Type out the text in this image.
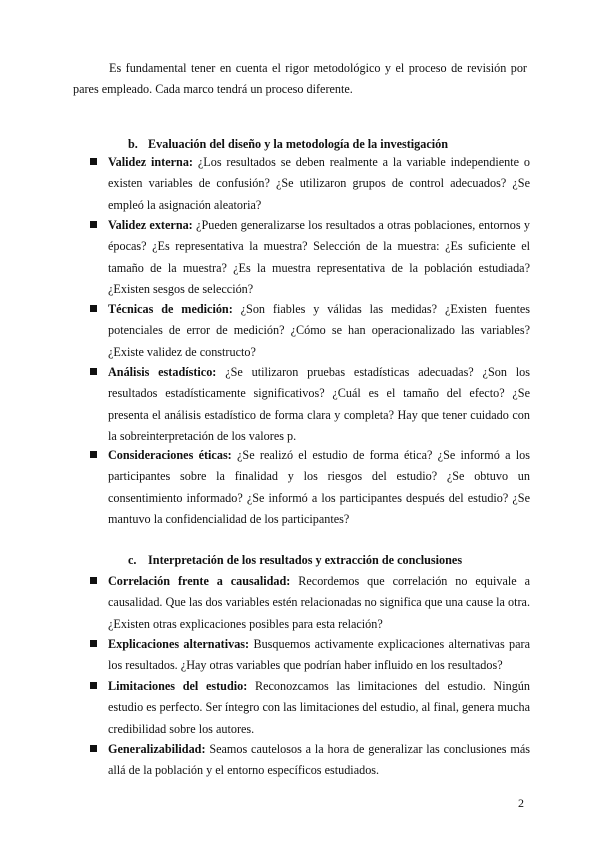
Es fundamental tener en cuenta el rigor metodológico y el proceso de revisión por pares empleado. Cada marco tendrá un proceso diferente.

b. Evaluación del diseño y la metodología de la investigación
Validez interna: ¿Los resultados se deben realmente a la variable independiente o existen variables de confusión? ¿Se utilizaron grupos de control adecuados? ¿Se empleó la asignación aleatoria?
Validez externa: ¿Pueden generalizarse los resultados a otras poblaciones, entornos y épocas? ¿Es representativa la muestra? Selección de la muestra: ¿Es suficiente el tamaño de la muestra? ¿Es la muestra representativa de la población estudiada? ¿Existen sesgos de selección?
Técnicas de medición: ¿Son fiables y válidas las medidas? ¿Existen fuentes potenciales de error de medición? ¿Cómo se han operacionalizado las variables? ¿Existe validez de constructo?
Análisis estadístico: ¿Se utilizaron pruebas estadísticas adecuadas? ¿Son los resultados estadísticamente significativos? ¿Cuál es el tamaño del efecto? ¿Se presenta el análisis estadístico de forma clara y completa? Hay que tener cuidado con la sobreinterpretación de los valores p.
Consideraciones éticas: ¿Se realizó el estudio de forma ética? ¿Se informó a los participantes sobre la finalidad y los riesgos del estudio? ¿Se obtuvo un consentimiento informado? ¿Se informó a los participantes después del estudio? ¿Se mantuvo la confidencialidad de los participantes?
c. Interpretación de los resultados y extracción de conclusiones
Correlación frente a causalidad: Recordemos que correlación no equivale a causalidad. Que las dos variables estén relacionadas no significa que una cause la otra. ¿Existen otras explicaciones posibles para esta relación?
Explicaciones alternativas: Busquemos activamente explicaciones alternativas para los resultados. ¿Hay otras variables que podrían haber influido en los resultados?
Limitaciones del estudio: Reconozcamos las limitaciones del estudio. Ningún estudio es perfecto. Ser íntegro con las limitaciones del estudio, al final, genera mucha credibilidad sobre los autores.
Generalizabilidad: Seamos cautelosos a la hora de generalizar las conclusiones más allá de la población y el entorno específicos estudiados.
2
